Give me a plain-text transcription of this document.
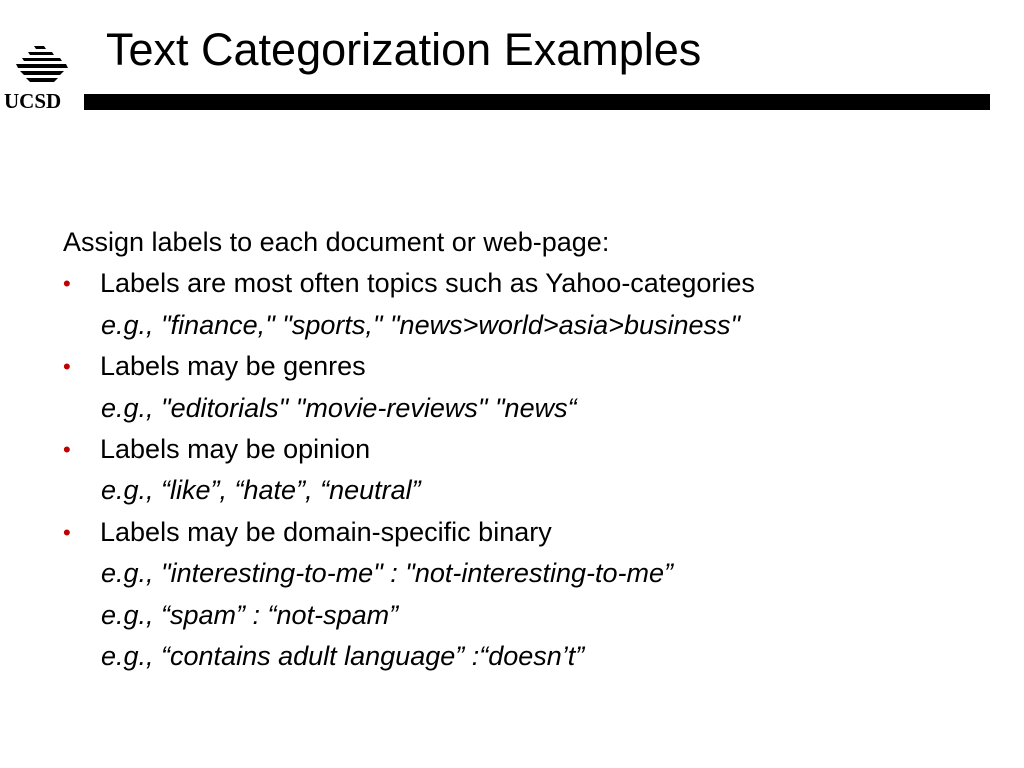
UCSD
Text Categorization Examples

Assign labels to each document or web-page:

• Labels are most often topics such as Yahoo-categories

e.g., "finance," "sports," "news>world>asia>business"

• Labels may be genres

e.g., "editorials" "movie-reviews" "news“

• Labels may be opinion

e.g., “like”, “hate”, “neutral”

• Labels may be domain-specific binary

e.g., "interesting-to-me" : "not-interesting-to-me”

e.g., “spam” : “not-spam”

e.g., “contains adult language” :“doesn’t”
